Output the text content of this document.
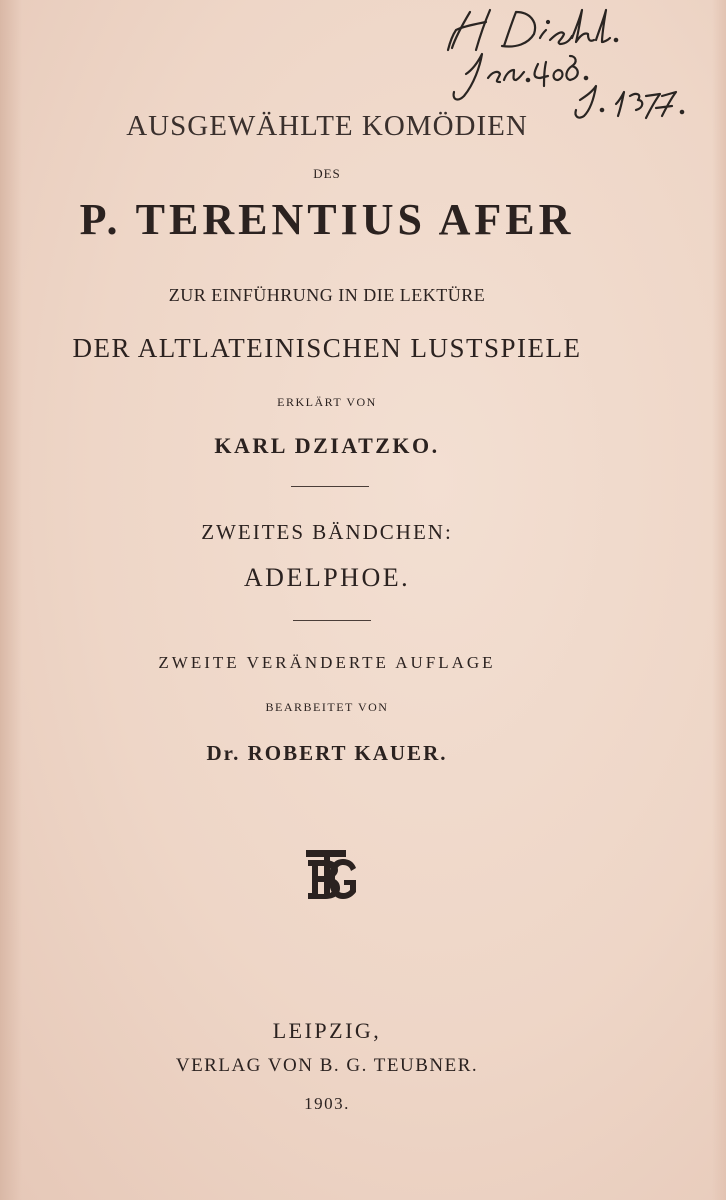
AUSGEWÄHLTE KOMÖDIEN
DES
P. TERENTIUS AFER
ZUR EINFÜHRUNG IN DIE LEKTÜRE
DER ALTLATEINISCHEN LUSTSPIELE
ERKLÄRT VON
KARL DZIATZKO.
ZWEITES BÄNDCHEN:
ADELPHOE.
ZWEITE VERÄNDERTE AUFLAGE
BEARBEITET VON
Dr. ROBERT KAUER.
LEIPZIG,
VERLAG VON B. G. TEUBNER.
1903.
